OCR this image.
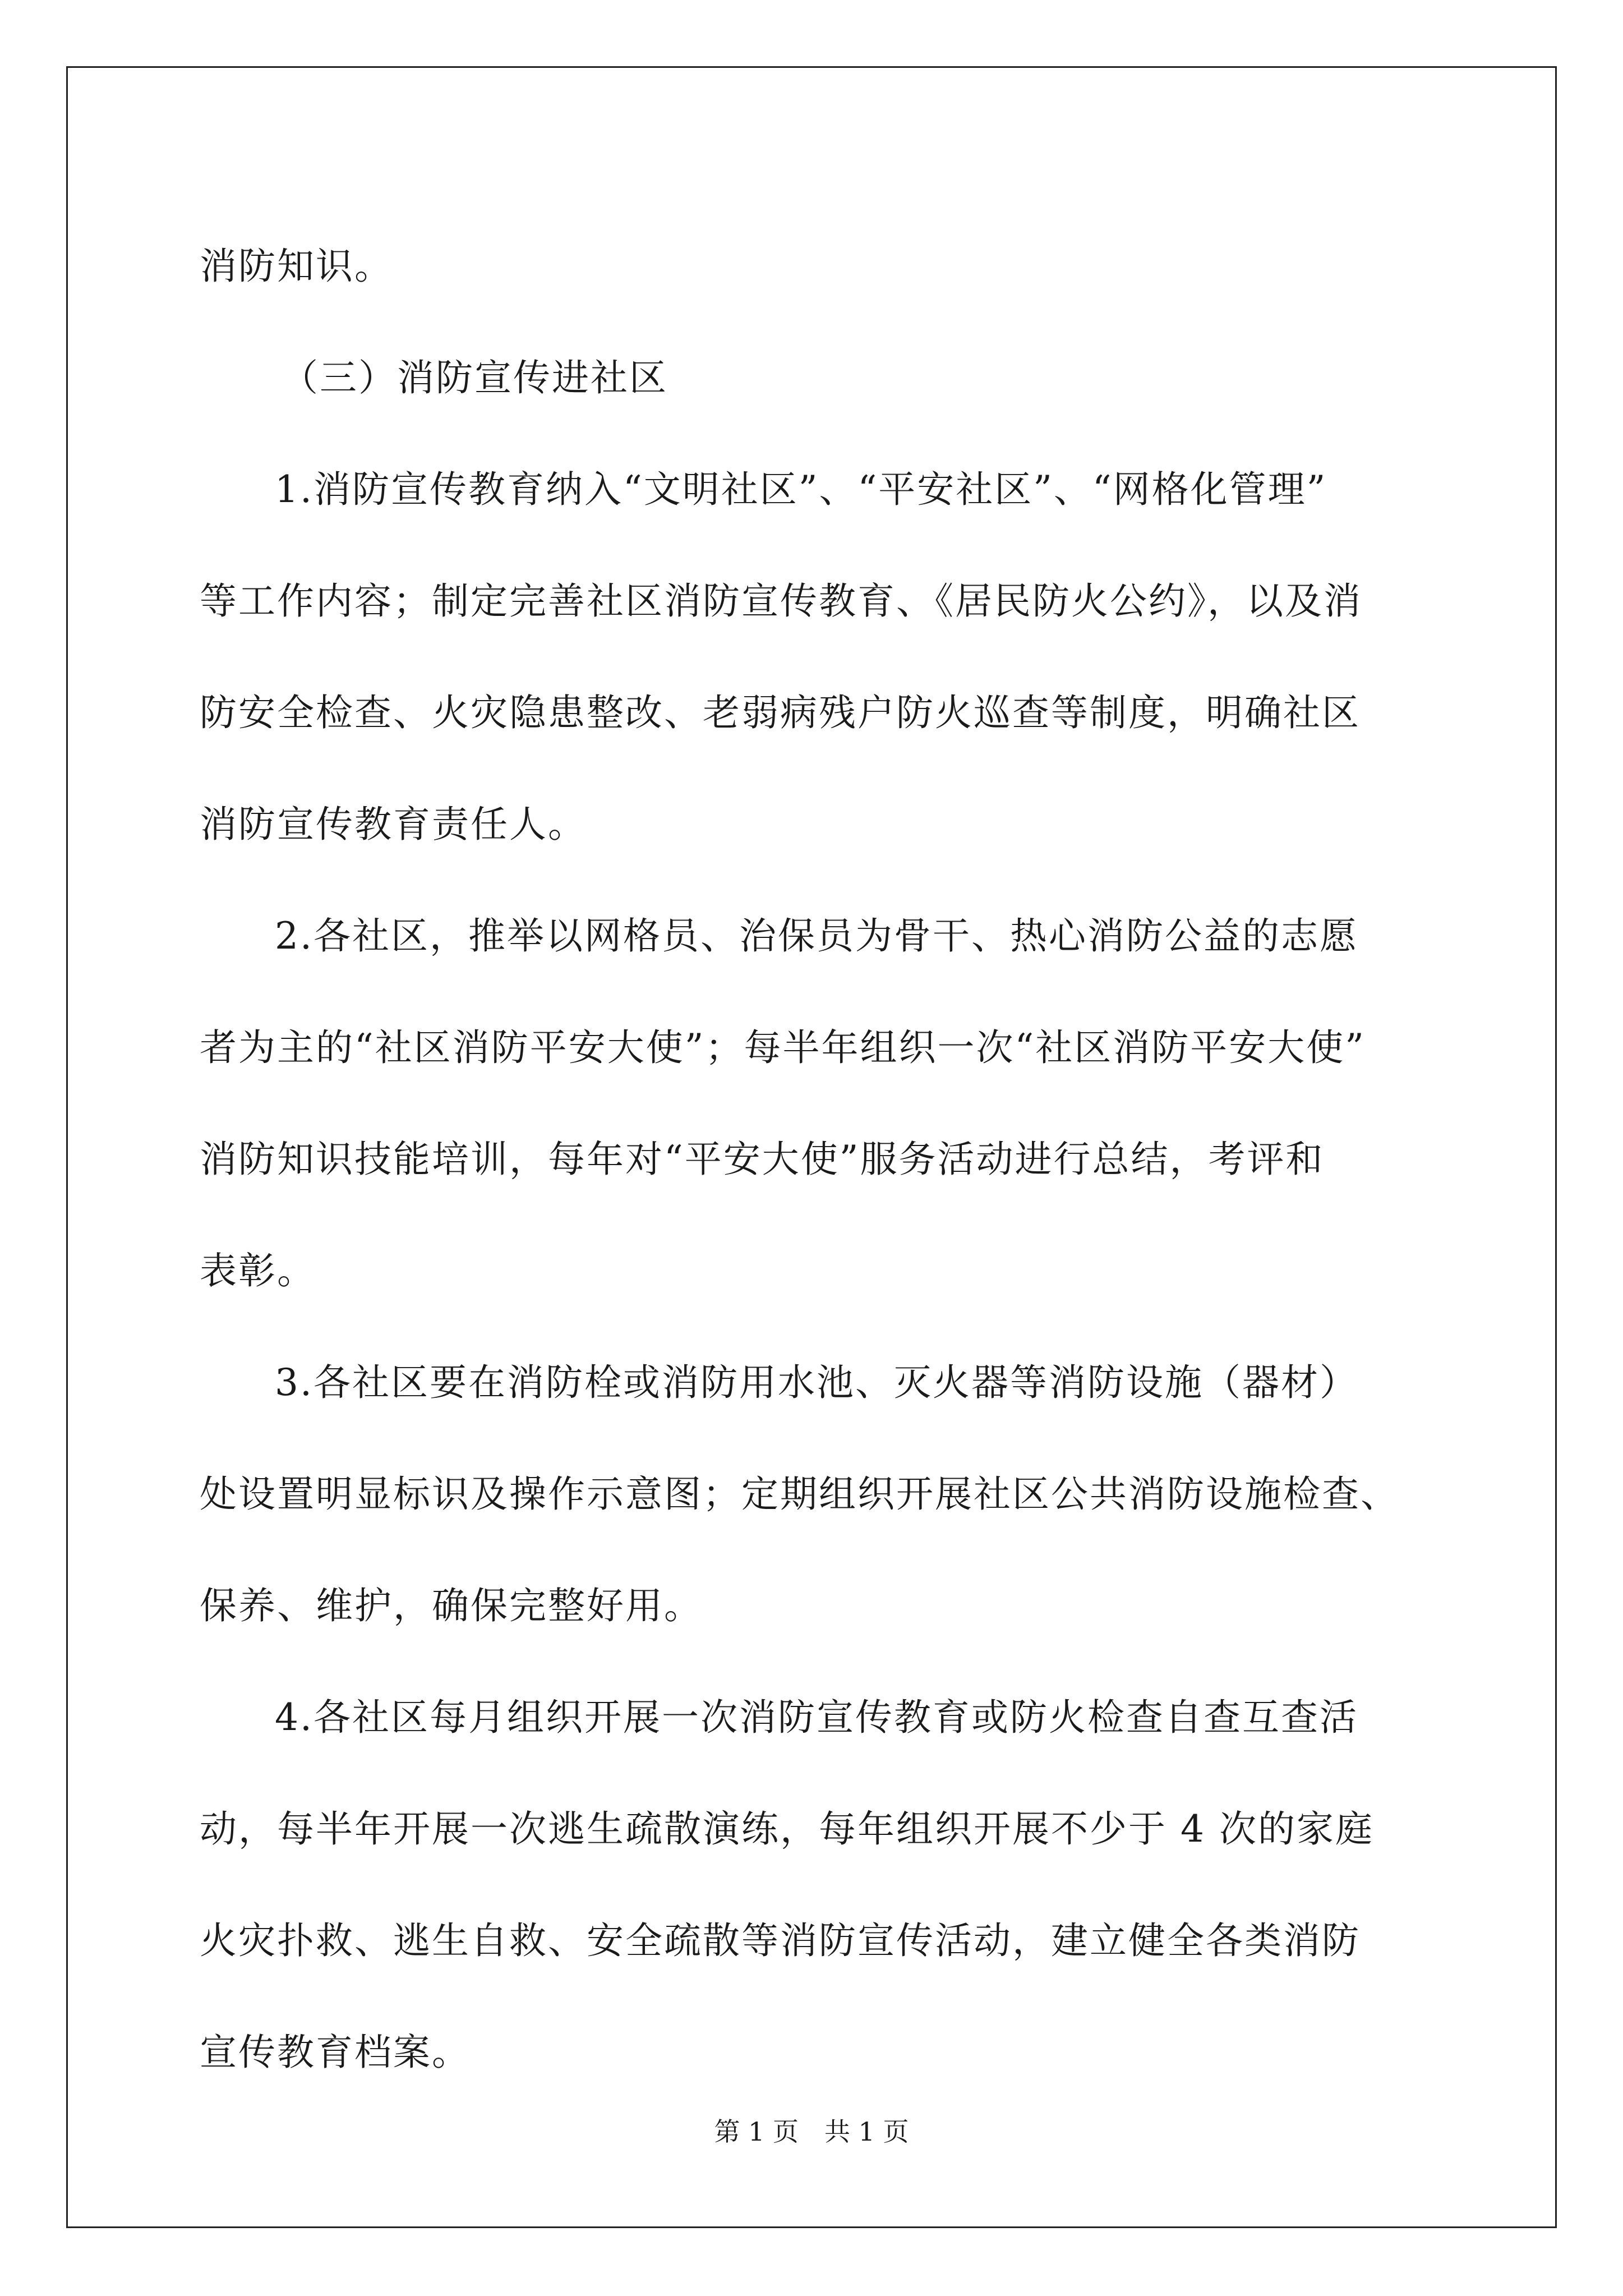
消防知识。
（三）消防宣传进社区
1.消防宣传教育纳入“文明社区”、“平安社区”、“网格化管理”
等工作内容；制定完善社区消防宣传教育、《居民防火公约》，以及消
防安全检查、火灾隐患整改、老弱病残户防火巡查等制度，明确社区
消防宣传教育责任人。
2.各社区，推举以网格员、治保员为骨干、热心消防公益的志愿
者为主的“社区消防平安大使”；每半年组织一次“社区消防平安大使”
消防知识技能培训，每年对“平安大使”服务活动进行总结，考评和
表彰。
3.各社区要在消防栓或消防用水池、灭火器等消防设施（器材）
处设置明显标识及操作示意图；定期组织开展社区公共消防设施检查、
保养、维护，确保完整好用。
4.各社区每月组织开展一次消防宣传教育或防火检查自查互查活
动，每半年开展一次逃生疏散演练，每年组织开展不少于 4 次的家庭
火灾扑救、逃生自救、安全疏散等消防宣传活动，建立健全各类消防
宣传教育档案。
第 1 页　共 1 页
